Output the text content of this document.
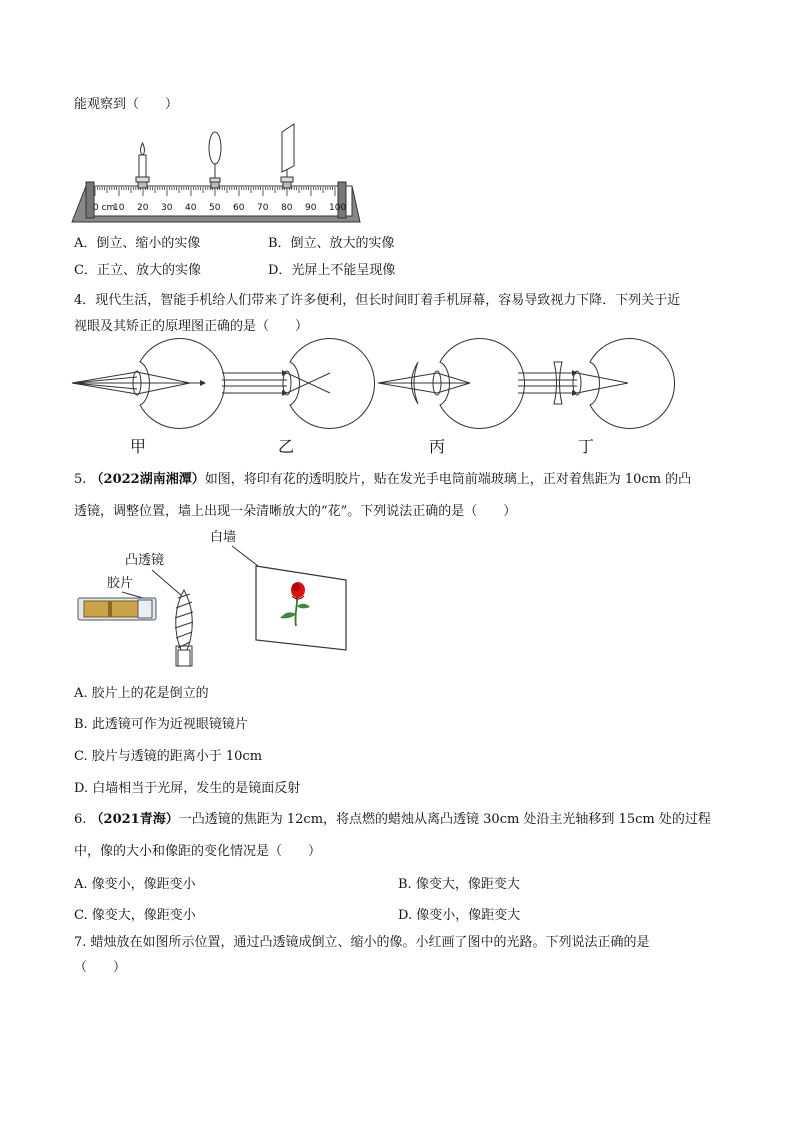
能观察到（　　）
0 cm
10 20 30 40 50 60 70 80 90 100
A．倒立、缩小的实像	B．倒立、放大的实像
C．正立、放大的实像	D．光屏上不能呈现像
4．现代生活，智能手机给人们带来了许多便利，但长时间盯着手机屏幕，容易导致视力下降．下列关于近
视眼及其矫正的原理图正确的是（　　）
甲	乙	丙	丁
5. （2022湖南湘潭）如图，将印有花的透明胶片，贴在发光手电筒前端玻璃上，正对着焦距为 10cm 的凸
透镜，调整位置，墙上出现一朵清晰放大的“花”。下列说法正确的是（　　）
白墙
凸透镜
胶片
A. 胶片上的花是倒立的
B. 此透镜可作为近视眼镜镜片
C. 胶片与透镜的距离小于 10cm
D. 白墙相当于光屏，发生的是镜面反射
6. （2021青海）一凸透镜的焦距为 12cm，将点燃的蜡烛从离凸透镜 30cm 处沿主光轴移到 15cm 处的过程
中，像的大小和像距的变化情况是（　　）
A. 像变小，像距变小	B. 像变大，像距变大
C. 像变大，像距变小	D. 像变小，像距变大
7. 蜡烛放在如图所示位置，通过凸透镜成倒立、缩小的像。小红画了图中的光路。下列说法正确的是
（　　）
